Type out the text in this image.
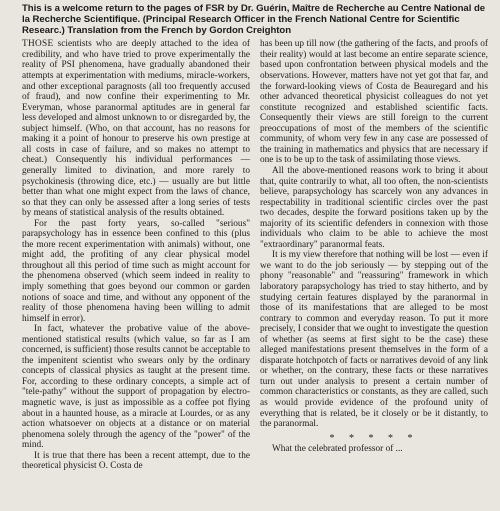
This is a welcome return to the pages of FSR by Dr. Guérin, Maître de Recherche au Centre National de la Recherche Scientifique. (Principal Research Officer in the French National Centre for Scientific Researc.) Translation from the French by Gordon Creighton

THOSE scientists who are deeply attached to the idea of credibility, and who have tried to prove experimentally the reality of PSI phenomena, have gradually abandoned their attempts at experimentation with mediums, miracle-workers, and other exceptional paragnosts (all too frequently accused of fraud), and now confine their experimenting to Mr. Everyman, whose paranormal aptitudes are in general far less developed and almost unknown to or disregarded by, the subject himself. (Who, on that account, has no reasons for making it a point of honour to preserve his own prestige at all costs in case of failure, and so makes no attempt to cheat.) Consequently his individual performances — generally limited to divination, and more rarely to psychokinesis (throwing dice, etc.) — usually are but little better than what one might expect from the laws of chance, so that they can only be assessed after a long series of tests by means of statistical analysis of the results obtained.

For the past forty years, so-called "serious" parapsychology has in essence been confined to this (plus the more recent experimentation with animals) without, one might add, the profiting of any clear physical model throughout all this period of time such as might account for the phenomena observed (which seem indeed in reality to imply something that goes beyond our common or garden notions of soace and time, and without any opponent of the reality of those phenomena having been willing to admit himself in error).

In fact, whatever the probative value of the above-mentioned statistical results (which value, so far as I am concerned, is sufficient) those results cannot be acceptable to the impenitent scientist who swears only by the ordinary concepts of classical physics as taught at the present time. For, according to these ordinary concepts, a simple act of "tele-pathy" without the support of propagation by electro-magnetic wave, is just as impossible as a coffee pot flying about in a haunted house, as a miracle at Lourdes, or as any action whatsoever on objects at a distance or on material phenomena solely through the agency of the "power" of the mind.

It is true that there has been a recent attempt, due to the theoretical physicist O. Costa de

has been up till now (the gathering of the facts, and proofs of their reality) would at last become an entire separate science, based upon confrontation between physical models and the observations. However, matters have not yet got that far, and the forward-looking views of Costa de Beauregard and his other advanced theoretical physicist colleagues do not yet constitute recognized and established scientific facts. Consequently their views are still foreign to the current preoccupations of most of the members of the scientific community, of whom very few in any case are possessed of the training in mathematics and physics that are necessary if one is to be up to the task of assimilating those views.

All the above-mentioned reasons work to bring it about that, quite contrarily to what, all too often, the non-scientists believe, parapsychology has scarcely won any advances in respectability in traditional scientific circles over the past two decades, despite the forward positions taken up by the majority of its scientific defenders in connexion with those individuals who claim to be able to achieve the most "extraordinary" paranormal feats.

It is my view therefore that nothing will be lost — even if we want to do the job seriously — by stepping out of the phony "reasonable" and "reassuring" framework in which laboratory parapsychology has tried to stay hitherto, and by studying certain features displayed by the paranormal in those of its manifestations that are alleged to be most contrary to common and everyday reason. To put it more precisely, I consider that we ought to investigate the question of whether (as seems at first sight to be the case) these alleged manifestations present themselves in the form of a disparate hotchpotch of facts or narratives devoid of any link or whether, on the contrary, these facts or these narratives turn out under analysis to present a certain number of common characteristics or constants, as they are called, such as would provide evidence of the profound unity of everything that is related, be it closely or be it distantly, to the paranormal.

* * * * *

What the celebrated professor of ...
